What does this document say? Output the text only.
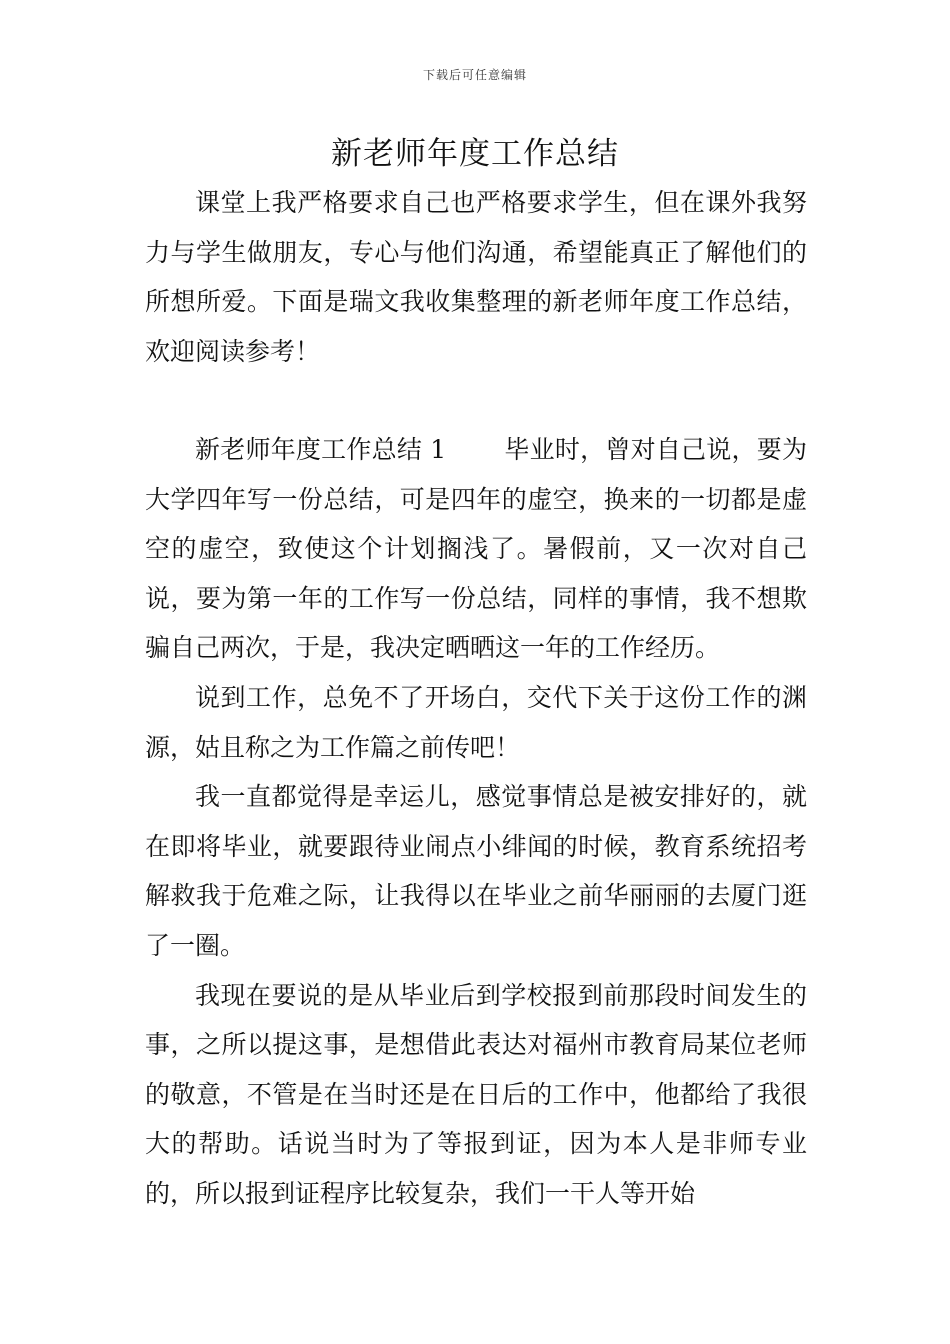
下载后可任意编辑
新老师年度工作总结

课堂上我严格要求自己也严格要求学生，但在课外我努力与学生做朋友，专心与他们沟通，希望能真正了解他们的所想所爱。下面是瑞文我收集整理的新老师年度工作总结，欢迎阅读参考！

新老师年度工作总结 1 毕业时，曾对自己说，要为大学四年写一份总结，可是四年的虚空，换来的一切都是虚空的虚空，致使这个计划搁浅了。暑假前，又一次对自己说，要为第一年的工作写一份总结，同样的事情，我不想欺骗自己两次，于是，我决定晒晒这一年的工作经历。

说到工作，总免不了开场白，交代下关于这份工作的渊源，姑且称之为工作篇之前传吧！

我一直都觉得是幸运儿，感觉事情总是被安排好的，就在即将毕业，就要跟待业闹点小绯闻的时候，教育系统招考解救我于危难之际，让我得以在毕业之前华丽丽的去厦门逛了一圈。

我现在要说的是从毕业后到学校报到前那段时间发生的事，之所以提这事，是想借此表达对福州市教育局某位老师的敬意，不管是在当时还是在日后的工作中，他都给了我很大的帮助。话说当时为了等报到证，因为本人是非师专业的，所以报到证程序比较复杂，我们一干人等开始
